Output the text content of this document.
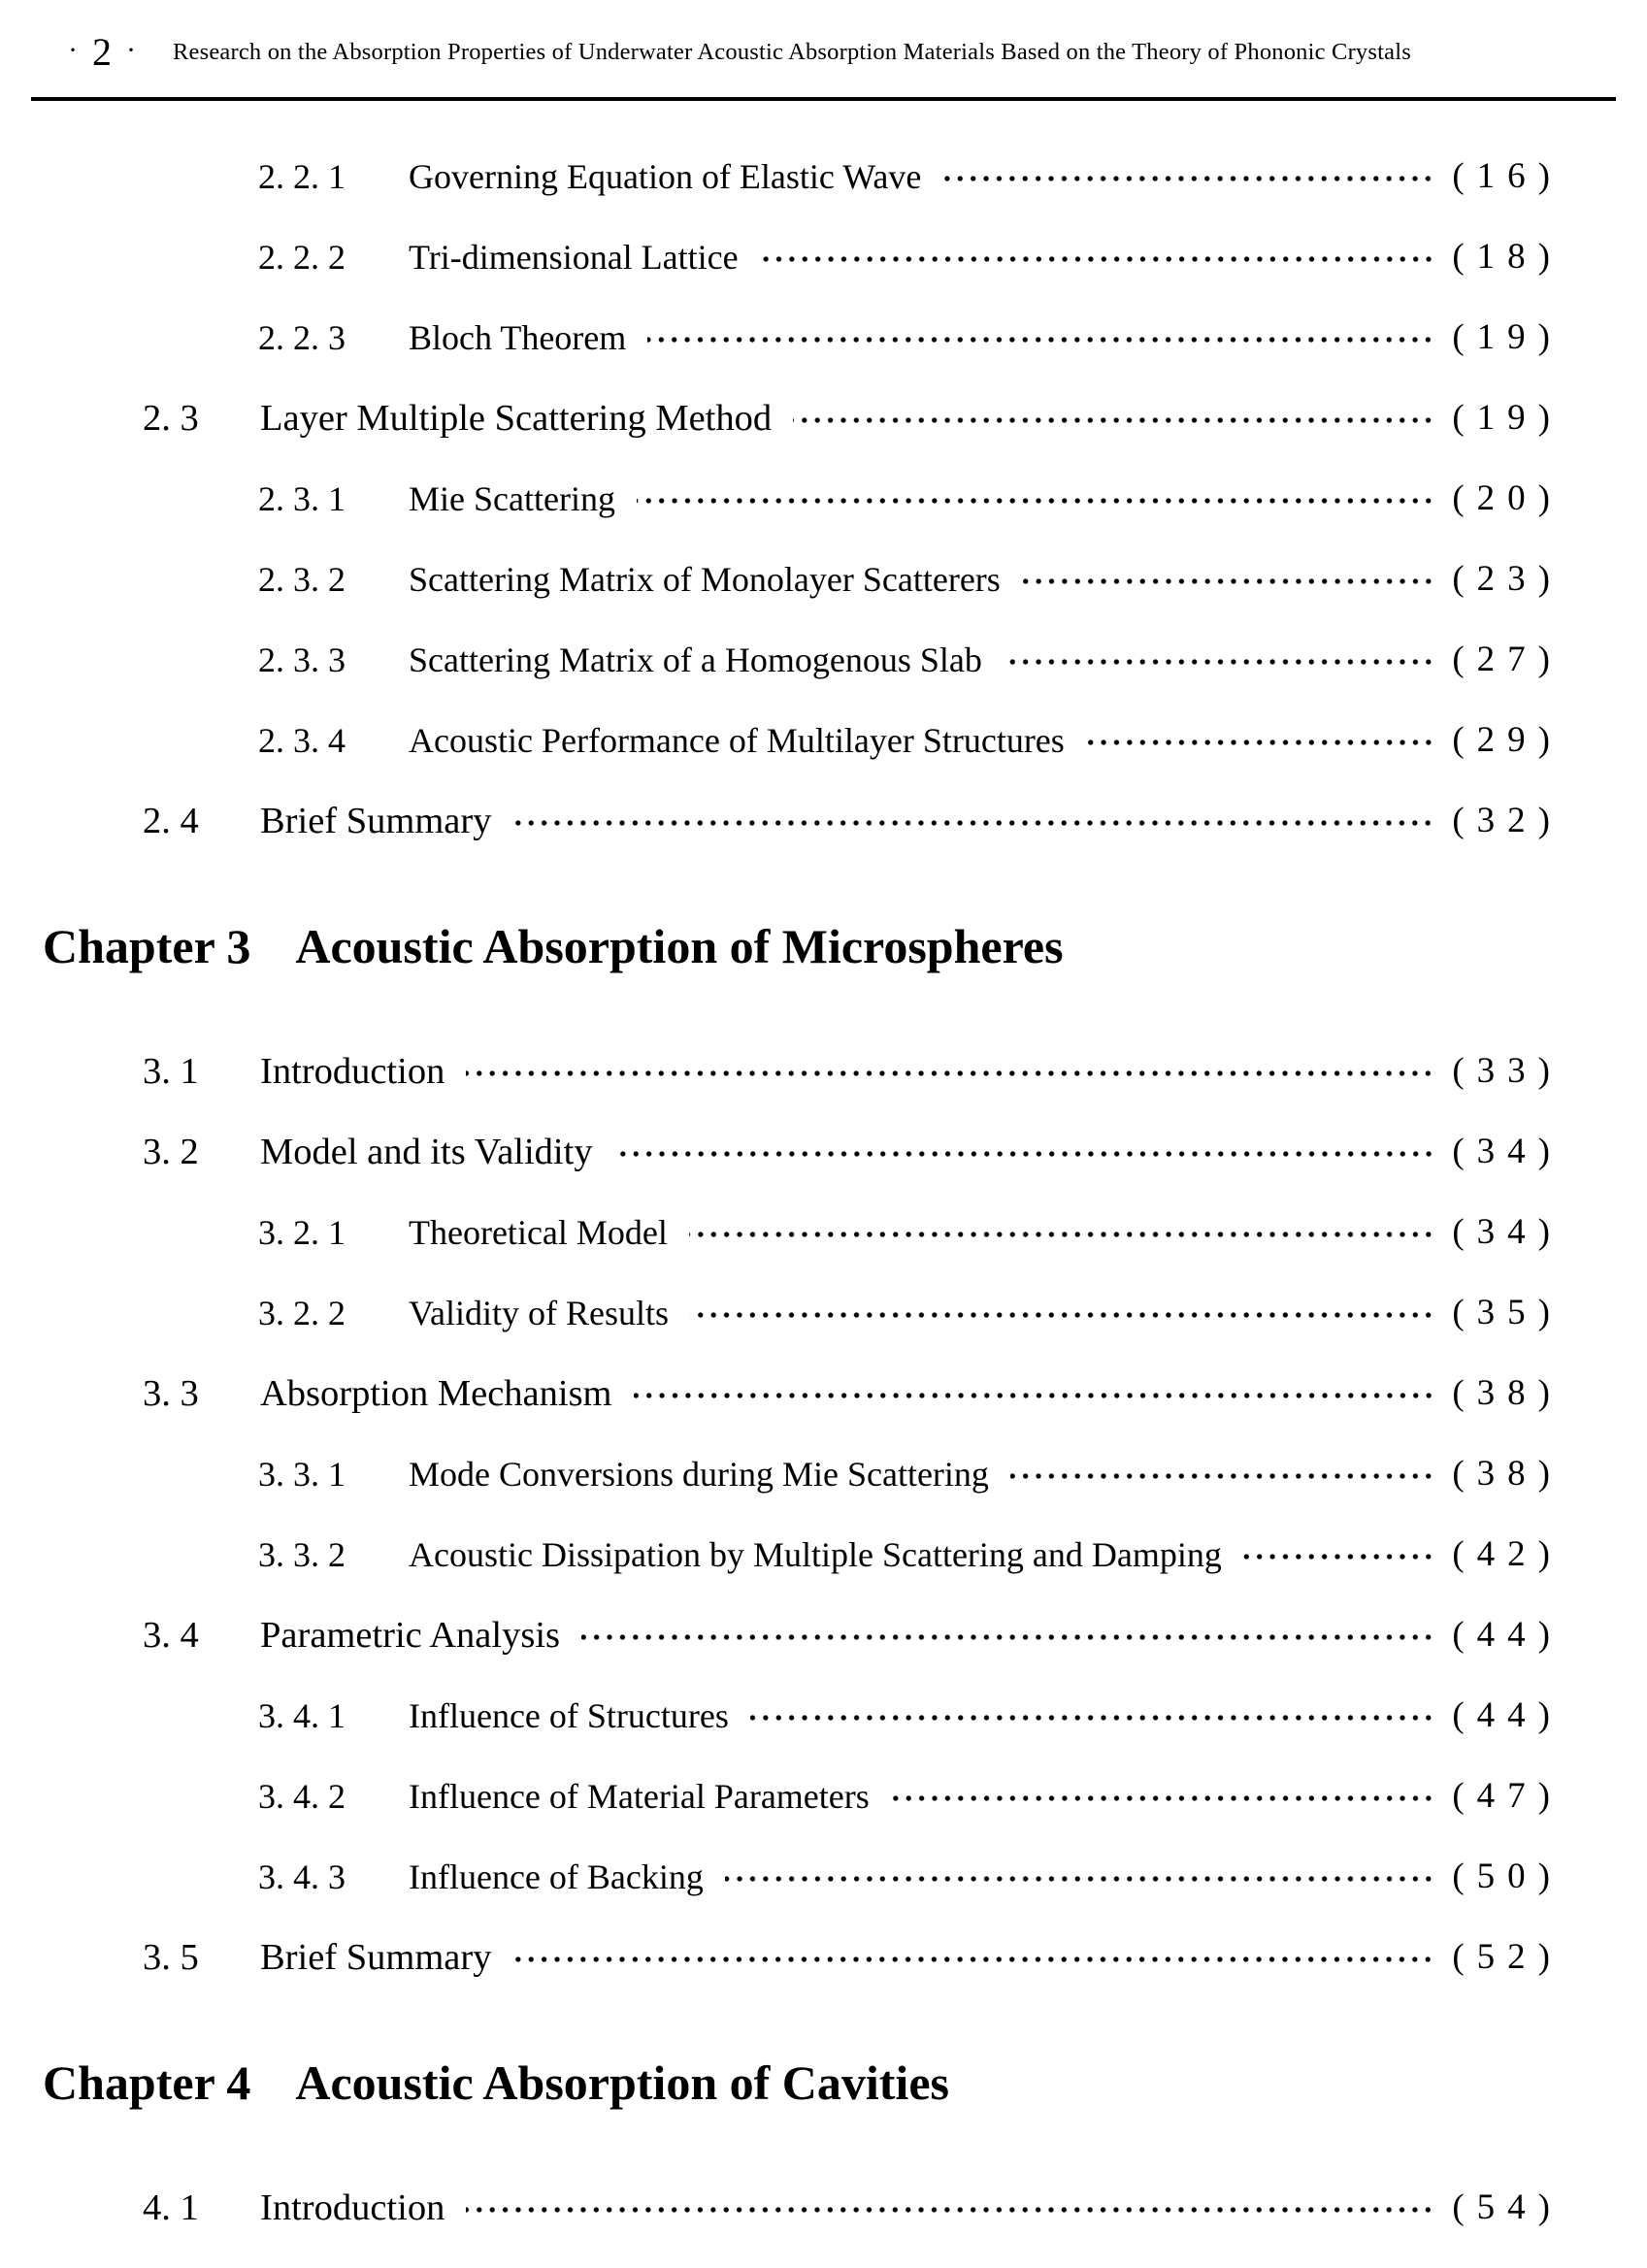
· 2 · Research on the Absorption Properties of Underwater Acoustic Absorption Materials Based on the Theory of Phononic Crystals
2. 2. 1	Governing Equation of Elastic Wave	( 16 )
2. 2. 2	Tri-dimensional Lattice	( 18 )
2. 2. 3	Bloch Theorem	( 19 )
2. 3	Layer Multiple Scattering Method	( 19 )
2. 3. 1	Mie Scattering	( 20 )
2. 3. 2	Scattering Matrix of Monolayer Scatterers	( 23 )
2. 3. 3	Scattering Matrix of a Homogenous Slab	( 27 )
2. 3. 4	Acoustic Performance of Multilayer Structures	( 29 )
2. 4	Brief Summary	( 32 )
Chapter 3 Acoustic Absorption of Microspheres
3. 1	Introduction	( 33 )
3. 2	Model and its Validity	( 34 )
3. 2. 1	Theoretical Model	( 34 )
3. 2. 2	Validity of Results	( 35 )
3. 3	Absorption Mechanism	( 38 )
3. 3. 1	Mode Conversions during Mie Scattering	( 38 )
3. 3. 2	Acoustic Dissipation by Multiple Scattering and Damping	( 42 )
3. 4	Parametric Analysis	( 44 )
3. 4. 1	Influence of Structures	( 44 )
3. 4. 2	Influence of Material Parameters	( 47 )
3. 4. 3	Influence of Backing	( 50 )
3. 5	Brief Summary	( 52 )
Chapter 4 Acoustic Absorption of Cavities
4. 1	Introduction	( 54 )
